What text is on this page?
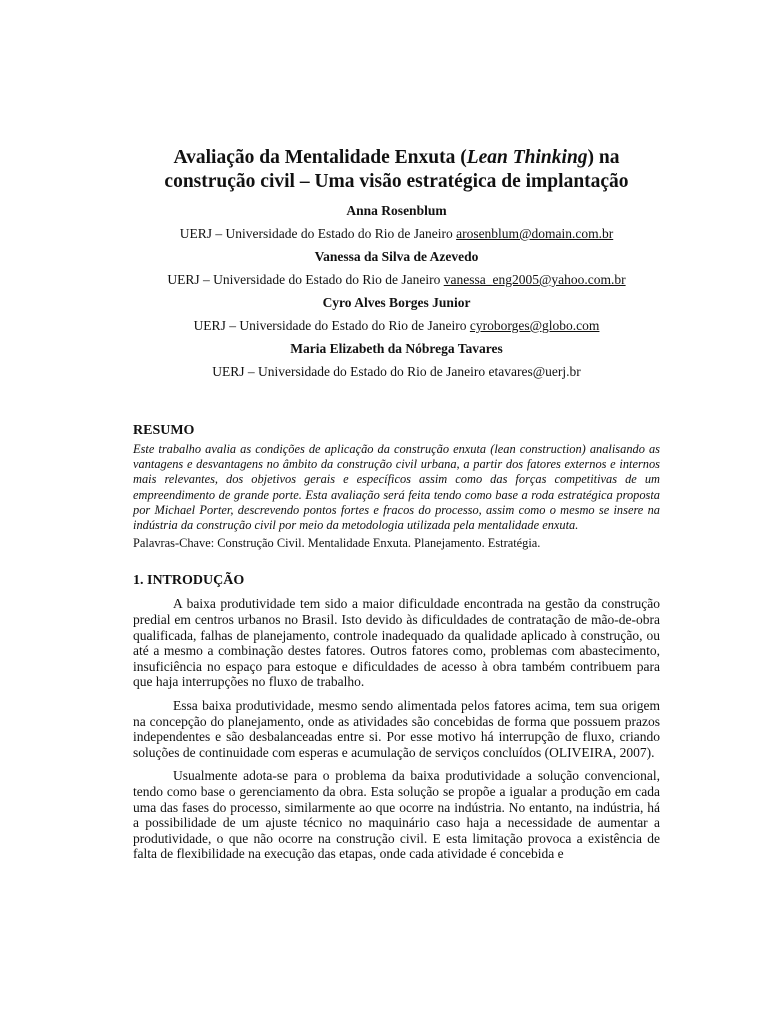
Avaliação da Mentalidade Enxuta (Lean Thinking) na construção civil – Uma visão estratégica de implantação

Anna Rosenblum

UERJ – Universidade do Estado do Rio de Janeiro arosenblum@domain.com.br

Vanessa da Silva de Azevedo

UERJ – Universidade do Estado do Rio de Janeiro vanessa_eng2005@yahoo.com.br

Cyro Alves Borges Junior

UERJ – Universidade do Estado do Rio de Janeiro cyroborges@globo.com

Maria Elizabeth da Nóbrega Tavares

UERJ – Universidade do Estado do Rio de Janeiro etavares@uerj.br

RESUMO

Este trabalho avalia as condições de aplicação da construção enxuta (lean construction) analisando as vantagens e desvantagens no âmbito da construção civil urbana, a partir dos fatores externos e internos mais relevantes, dos objetivos gerais e específicos assim como das forças competitivas de um empreendimento de grande porte. Esta avaliação será feita tendo como base a roda estratégica proposta por Michael Porter, descrevendo pontos fortes e fracos do processo, assim como o mesmo se insere na indústria da construção civil por meio da metodologia utilizada pela mentalidade enxuta.

Palavras-Chave: Construção Civil. Mentalidade Enxuta. Planejamento. Estratégia.

1. INTRODUÇÃO

A baixa produtividade tem sido a maior dificuldade encontrada na gestão da construção predial em centros urbanos no Brasil. Isto devido às dificuldades de contratação de mão-de-obra qualificada, falhas de planejamento, controle inadequado da qualidade aplicado à construção, ou até a mesmo a combinação destes fatores. Outros fatores como, problemas com abastecimento, insuficiência no espaço para estoque e dificuldades de acesso à obra também contribuem para que haja interrupções no fluxo de trabalho.

Essa baixa produtividade, mesmo sendo alimentada pelos fatores acima, tem sua origem na concepção do planejamento, onde as atividades são concebidas de forma que possuem prazos independentes e são desbalanceadas entre si. Por esse motivo há interrupção de fluxo, criando soluções de continuidade com esperas e acumulação de serviços concluídos (OLIVEIRA, 2007).

Usualmente adota-se para o problema da baixa produtividade a solução convencional, tendo como base o gerenciamento da obra. Esta solução se propõe a igualar a produção em cada uma das fases do processo, similarmente ao que ocorre na indústria. No entanto, na indústria, há a possibilidade de um ajuste técnico no maquinário caso haja a necessidade de aumentar a produtividade, o que não ocorre na construção civil. E esta limitação provoca a existência de falta de flexibilidade na execução das etapas, onde cada atividade é concebida e
